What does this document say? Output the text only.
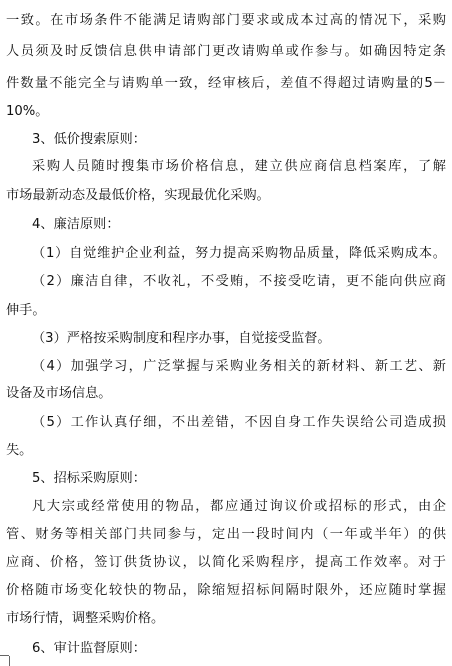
一致。在市场条件不能满足请购部门要求或成本过高的情况下，采购
人员须及时反馈信息供申请部门更改请购单或作参与。如确因特定条
件数量不能完全与请购单一致，经审核后，差值不得超过请购量的5－
10%。
3、低价搜索原则：
采购人员随时搜集市场价格信息，建立供应商信息档案库，了解
市场最新动态及最低价格，实现最优化采购。
4、廉洁原则：
（1）自觉维护企业利益，努力提高采购物品质量，降低采购成本。
（2）廉洁自律，不收礼，不受贿，不接受吃请，更不能向供应商
伸手。
（3）严格按采购制度和程序办事，自觉接受监督。
（4）加强学习，广泛掌握与采购业务相关的新材料、新工艺、新
设备及市场信息。
（5）工作认真仔细，不出差错，不因自身工作失误给公司造成损
失。
5、招标采购原则：
凡大宗或经常使用的物品，都应通过询议价或招标的形式，由企
管、财务等相关部门共同参与，定出一段时间内（一年或半年）的供
应商、价格，签订供货协议，以简化采购程序，提高工作效率。对于
价格随市场变化较快的物品，除缩短招标间隔时限外，还应随时掌握
市场行情，调整采购价格。
6、审计监督原则：
